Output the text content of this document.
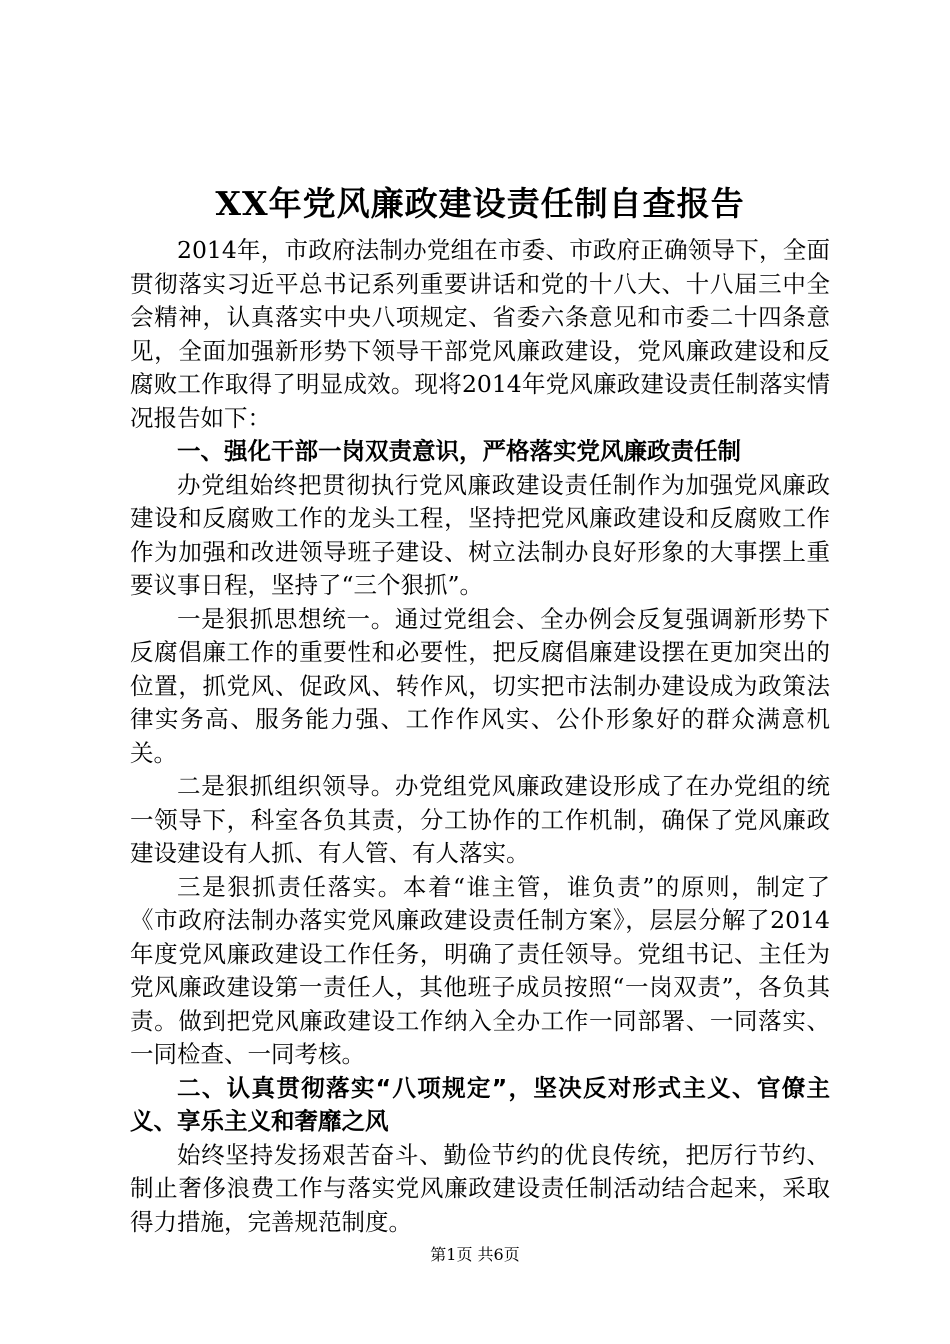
XX年党风廉政建设责任制自查报告

2014年，市政府法制办党组在市委、市政府正确领导下，全面贯彻落实习近平总书记系列重要讲话和党的十八大、十八届三中全会精神，认真落实中央八项规定、省委六条意见和市委二十四条意见，全面加强新形势下领导干部党风廉政建设，党风廉政建设和反腐败工作取得了明显成效。现将2014年党风廉政建设责任制落实情况报告如下：

一、强化干部一岗双责意识，严格落实党风廉政责任制

办党组始终把贯彻执行党风廉政建设责任制作为加强党风廉政建设和反腐败工作的龙头工程，坚持把党风廉政建设和反腐败工作作为加强和改进领导班子建设、树立法制办良好形象的大事摆上重要议事日程，坚持了“三个狠抓”。

一是狠抓思想统一。通过党组会、全办例会反复强调新形势下反腐倡廉工作的重要性和必要性，把反腐倡廉建设摆在更加突出的位置，抓党风、促政风、转作风，切实把市法制办建设成为政策法律实务高、服务能力强、工作作风实、公仆形象好的群众满意机关。

二是狠抓组织领导。办党组党风廉政建设形成了在办党组的统一领导下，科室各负其责，分工协作的工作机制，确保了党风廉政建设建设有人抓、有人管、有人落实。

三是狠抓责任落实。本着“谁主管，谁负责”的原则，制定了《市政府法制办落实党风廉政建设责任制方案》，层层分解了2014年度党风廉政建设工作任务，明确了责任领导。党组书记、主任为党风廉政建设第一责任人，其他班子成员按照“一岗双责”，各负其责。做到把党风廉政建设工作纳入全办工作一同部署、一同落实、一同检查、一同考核。

二、认真贯彻落实“八项规定”，坚决反对形式主义、官僚主义、享乐主义和奢靡之风

始终坚持发扬艰苦奋斗、勤俭节约的优良传统，把厉行节约、制止奢侈浪费工作与落实党风廉政建设责任制活动结合起来，采取得力措施，完善规范制度。

第1页 共6页
